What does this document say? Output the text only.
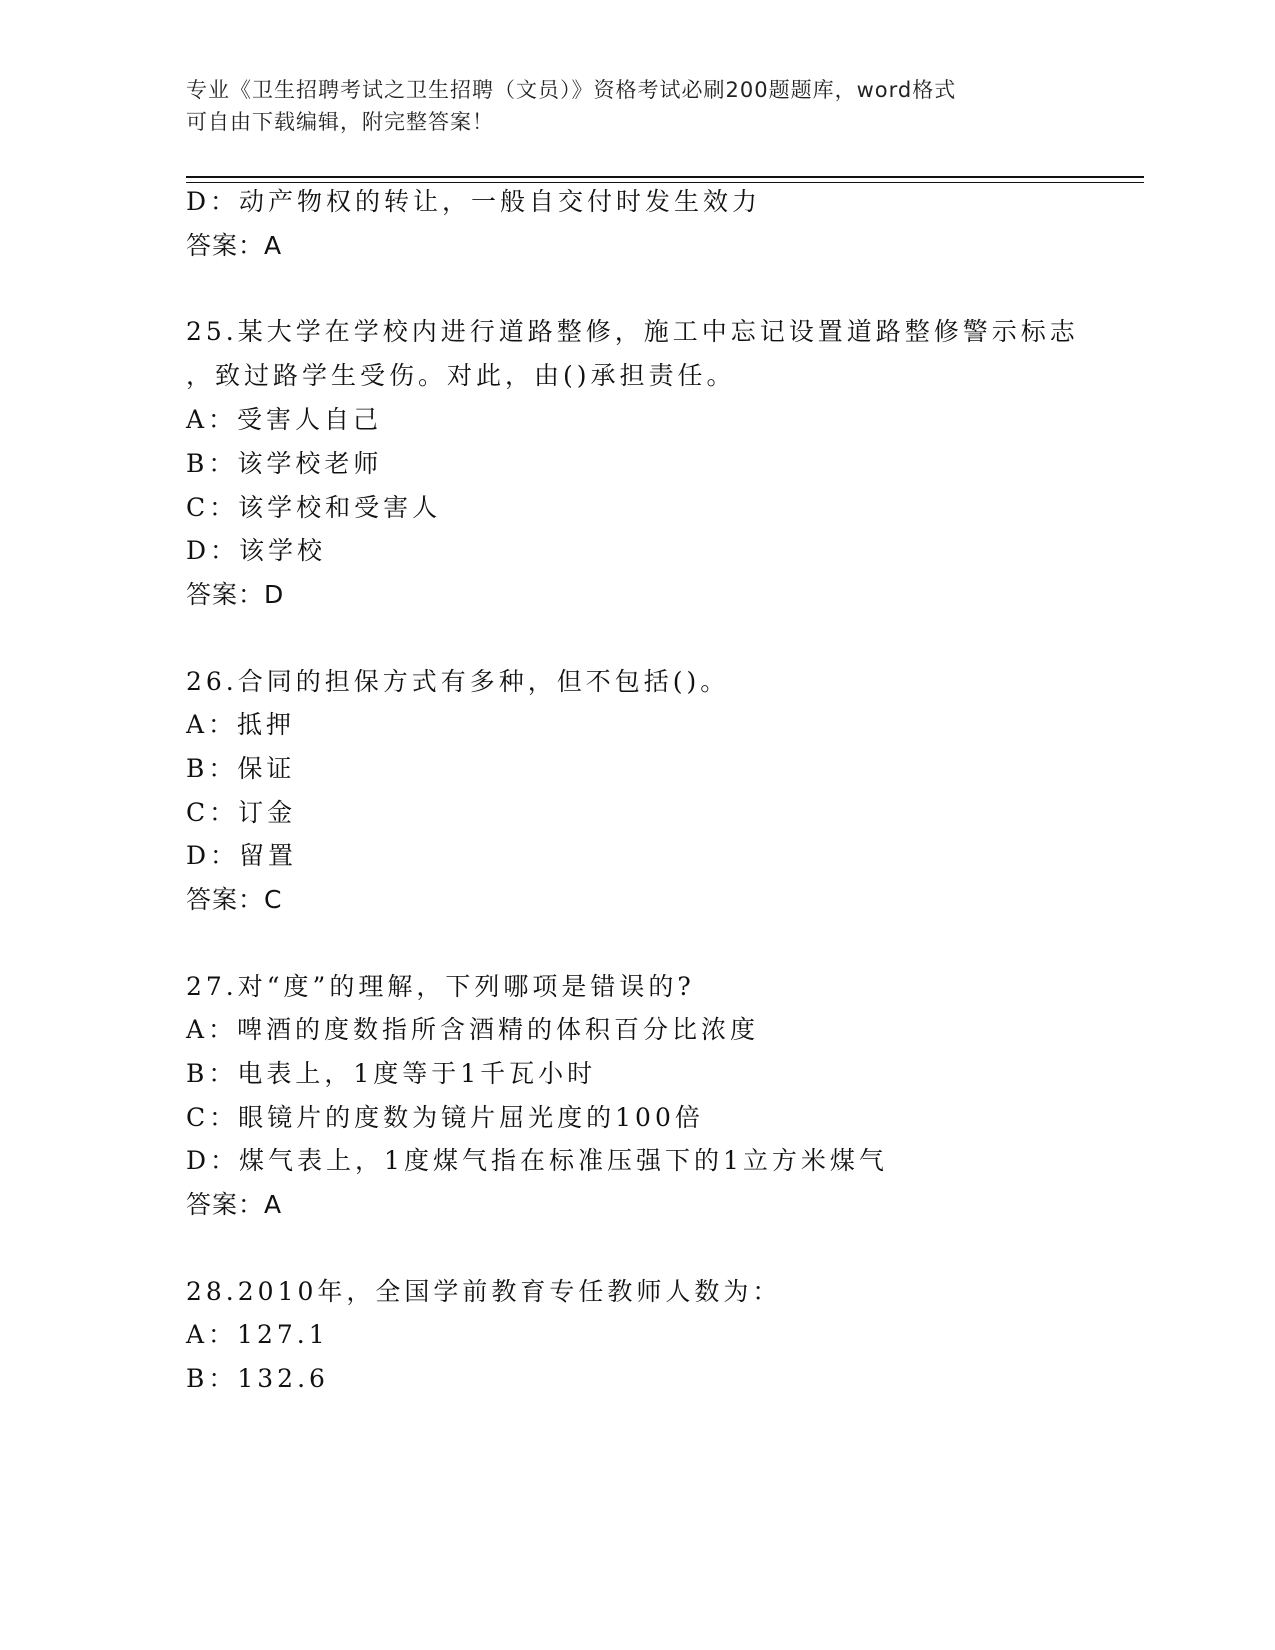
专业《卫生招聘考试之卫生招聘（文员）》资格考试必刷200题题库，word格式
可自由下载编辑，附完整答案！
D：动产物权的转让，一般自交付时发生效力
答案：A
25.某大学在学校内进行道路整修，施工中忘记设置道路整修警示标志
，致过路学生受伤。对此，由()承担责任。
A：受害人自己
B：该学校老师
C：该学校和受害人
D：该学校
答案：D
26.合同的担保方式有多种，但不包括()。
A：抵押
B：保证
C：订金
D：留置
答案：C
27.对“度”的理解，下列哪项是错误的?
A：啤酒的度数指所含酒精的体积百分比浓度
B：电表上，1度等于1千瓦小时
C：眼镜片的度数为镜片屈光度的100倍
D：煤气表上，1度煤气指在标准压强下的1立方米煤气
答案：A
28.2010年，全国学前教育专任教师人数为：
A：127.1
B：132.6
